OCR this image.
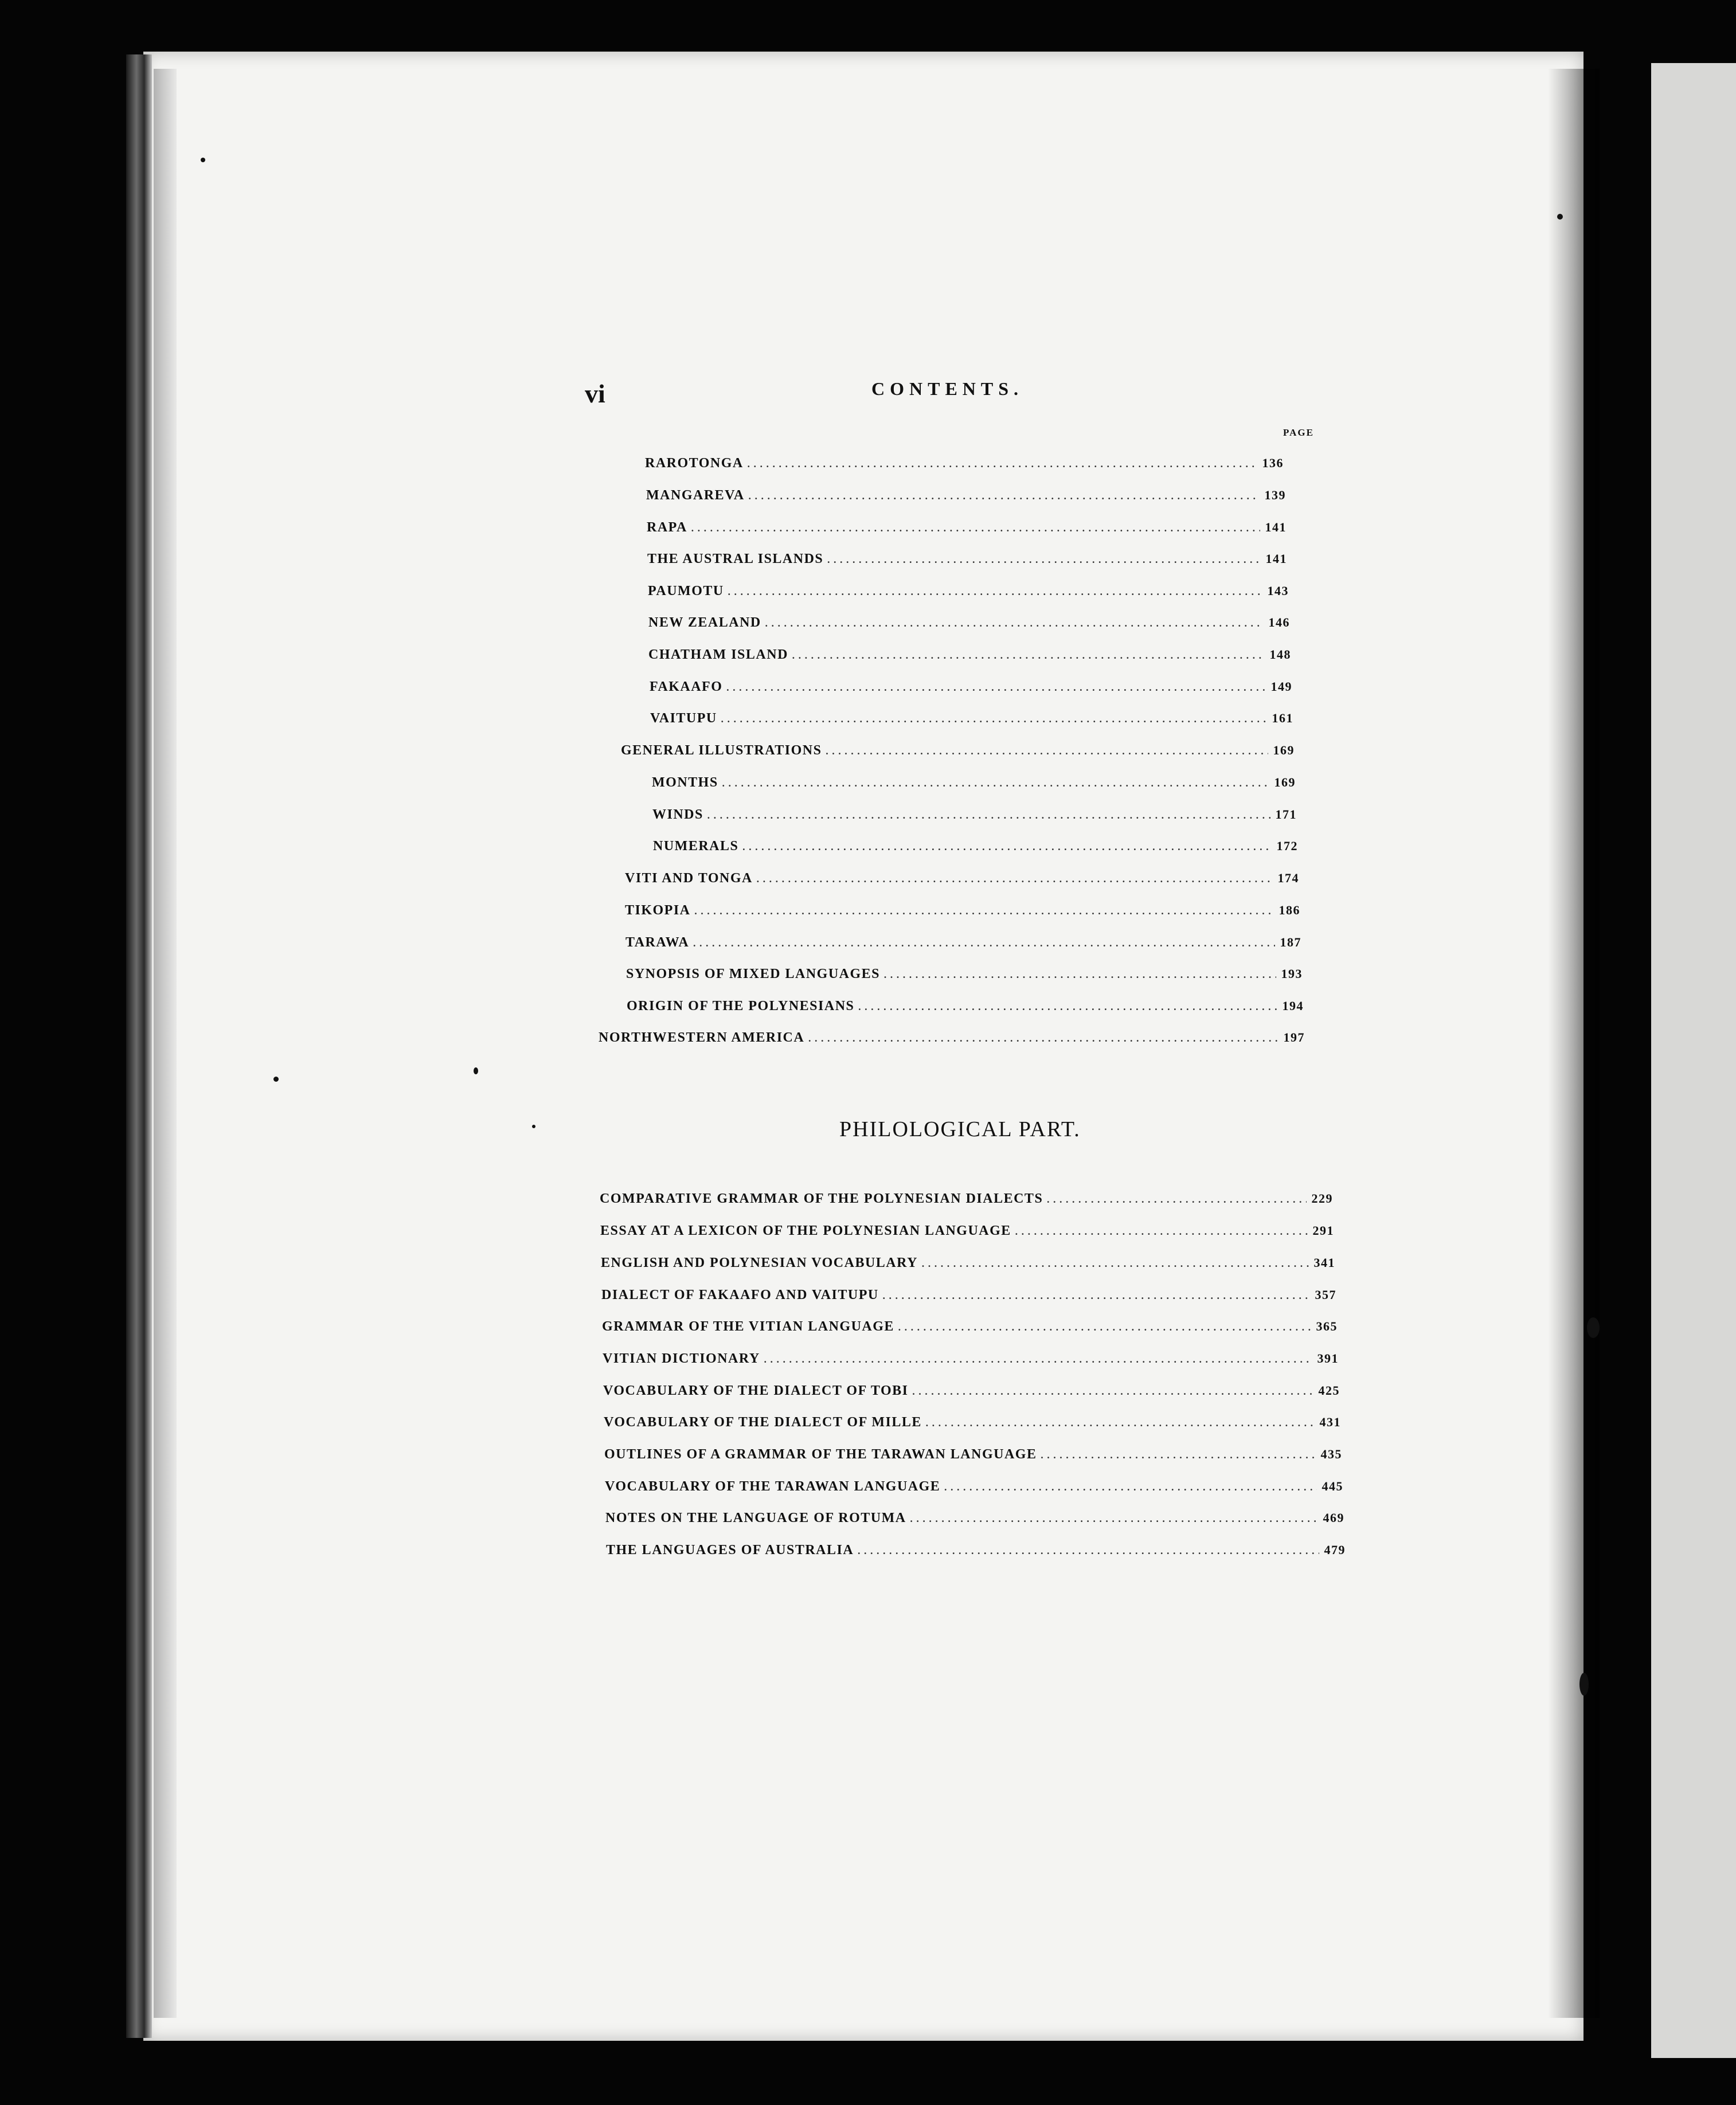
vi	CONTENTS.
PAGE
RAROTONGA .....	136
MANGAREVA .....	139
RAPA .....	141
THE AUSTRAL ISLANDS .....	141
PAUMOTU .....	143
NEW ZEALAND .....	146
CHATHAM ISLAND .....	148
FAKAAFO .....	149
VAITUPU .....	161
GENERAL ILLUSTRATIONS .....	169
MONTHS .....	169
WINDS .....	171
NUMERALS .....	172
VITI AND TONGA .....	174
TIKOPIA .....	186
TARAWA .....	187
SYNOPSIS OF MIXED LANGUAGES .....	193
ORIGIN OF THE POLYNESIANS .....	194
NORTHWESTERN AMERICA .....	197
PHILOLOGICAL PART.
COMPARATIVE GRAMMAR OF THE POLYNESIAN DIALECTS .....	229
ESSAY AT A LEXICON OF THE POLYNESIAN LANGUAGE .....	291
ENGLISH AND POLYNESIAN VOCABULARY .....	341
DIALECT OF FAKAAFO AND VAITUPU .....	357
GRAMMAR OF THE VITIAN LANGUAGE .....	365
VITIAN DICTIONARY .....	391
VOCABULARY OF THE DIALECT OF TOBI .....	425
VOCABULARY OF THE DIALECT OF MILLE .....	431
OUTLINES OF A GRAMMAR OF THE TARAWAN LANGUAGE .....	435
VOCABULARY OF THE TARAWAN LANGUAGE .....	445
NOTES ON THE LANGUAGE OF ROTUMA .....	469
THE LANGUAGES OF AUSTRALIA .....	479
